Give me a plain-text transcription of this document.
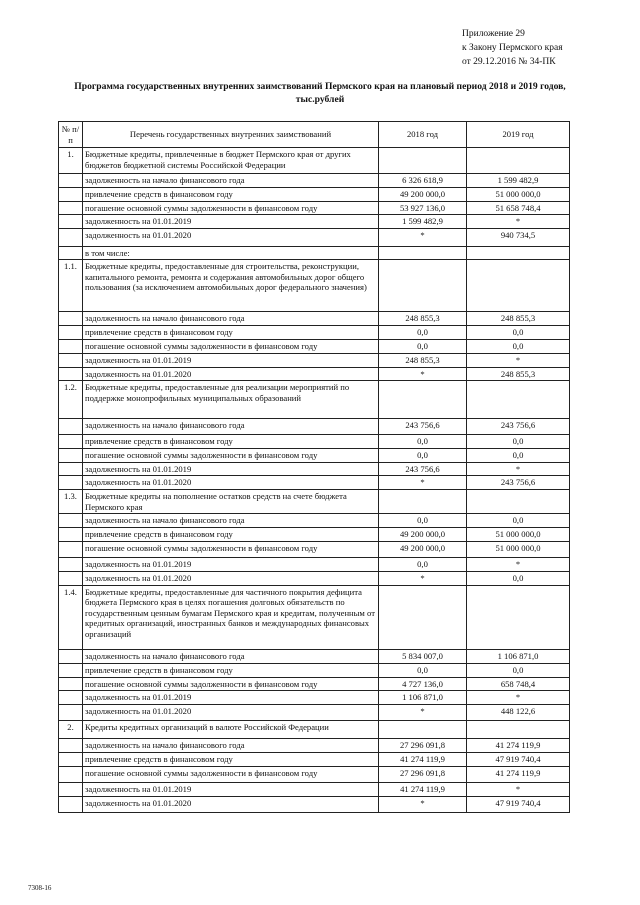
Приложение 29
к Закону Пермского края
от 29.12.2016 № 34-ПК
Программа государственных внутренних заимствований Пермского края на плановый период 2018 и 2019 годов,
тыс.рублей
№ п/п	Перечень государственных внутренних заимствований	2018 год	2019 год
1.	Бюджетные кредиты, привлеченные в бюджет Пермского края от других бюджетов бюджетной системы Российской Федерации		
	задолженность на начало финансового года	6 326 618,9	1 599 482,9
	привлечение средств в финансовом году	49 200 000,0	51 000 000,0
	погашение основной суммы задолженности в финансовом году	53 927 136,0	51 658 748,4
	задолженность на 01.01.2019	1 599 482,9	*
	задолженность на 01.01.2020	*	940 734,5
	в том числе:		
1.1.	Бюджетные кредиты, предоставленные для строительства, реконструкции, капитального ремонта, ремонта и содержания автомобильных дорог общего пользования (за исключением автомобильных дорог федерального значения)		
	задолженность на начало финансового года	248 855,3	248 855,3
	привлечение средств в финансовом году	0,0	0,0
	погашение основной суммы задолженности в финансовом году	0,0	0,0
	задолженность на 01.01.2019	248 855,3	*
	задолженность на 01.01.2020	*	248 855,3
1.2.	Бюджетные кредиты, предоставленные для реализации мероприятий по поддержке монопрофильных муниципальных образований		
	задолженность на начало финансового года	243 756,6	243 756,6
	привлечение средств в финансовом году	0,0	0,0
	погашение основной суммы задолженности в финансовом году	0,0	0,0
	задолженность на 01.01.2019	243 756,6	*
	задолженность на 01.01.2020	*	243 756,6
1.3.	Бюджетные кредиты на пополнение остатков средств на счете бюджета Пермского края		
	задолженность на начало финансового года	0,0	0,0
	привлечение средств в финансовом году	49 200 000,0	51 000 000,0
	погашение основной суммы задолженности в финансовом году	49 200 000,0	51 000 000,0
	задолженность на 01.01.2019	0,0	*
	задолженность на 01.01.2020	*	0,0
1.4.	Бюджетные кредиты, предоставленные для частичного покрытия дефицита бюджета Пермского края в целях погашения долговых обязательств по государственным ценным бумагам Пермского края и кредитам, полученным от кредитных организаций, иностранных банков и международных финансовых организаций		
	задолженность на начало финансового года	5 834 007,0	1 106 871,0
	привлечение средств в финансовом году	0,0	0,0
	погашение основной суммы задолженности в финансовом году	4 727 136,0	658 748,4
	задолженность на 01.01.2019	1 106 871,0	*
	задолженность на 01.01.2020	*	448 122,6
2.	Кредиты кредитных организаций в валюте Российской Федерации		
	задолженность на начало финансового года	27 296 091,8	41 274 119,9
	привлечение средств в финансовом году	41 274 119,9	47 919 740,4
	погашение основной суммы задолженности в финансовом году	27 296 091,8	41 274 119,9
	задолженность на 01.01.2019	41 274 119,9	*
	задолженность на 01.01.2020	*	47 919 740,4
7308-16
